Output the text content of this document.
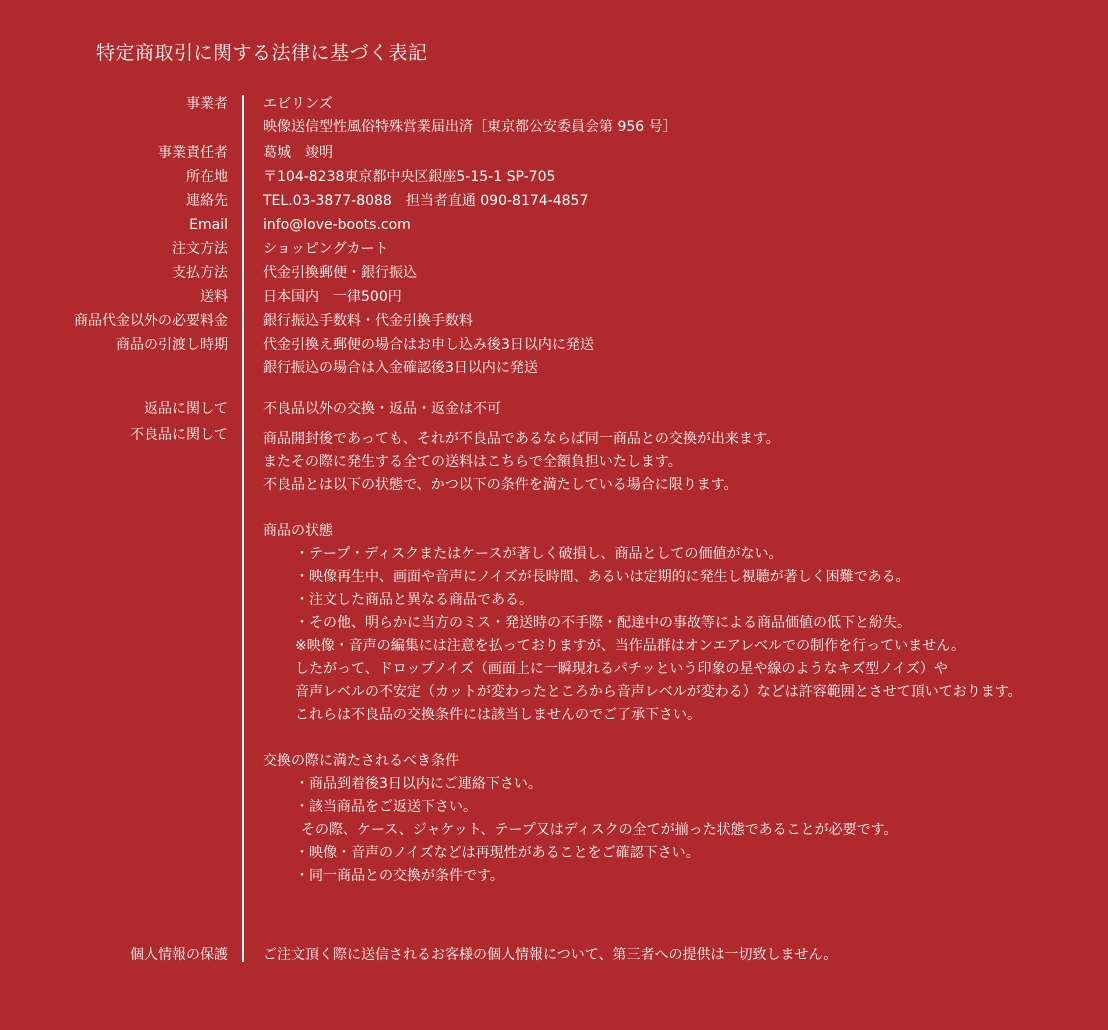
特定商取引に関する法律に基づく表記
事業者	エビリンズ
映像送信型性風俗特殊営業届出済［東京都公安委員会第 956 号］
事業責任者	葛城　竣明
所在地	〒104-8238東京都中央区銀座5-15-1 SP-705
連絡先	TEL.03-3877-8088　担当者直通 090-8174-4857
Email	info@love-boots.com
注文方法	ショッピングカート
支払方法	代金引換郵便・銀行振込
送料	日本国内　一律500円
商品代金以外の必要料金	銀行振込手数料・代金引換手数料
商品の引渡し時期	代金引換え郵便の場合はお申し込み後3日以内に発送
銀行振込の場合は入金確認後3日以内に発送
返品に関して	不良品以外の交換・返品・返金は不可
不良品に関して	商品開封後であっても、それが不良品であるならば同一商品との交換が出来ます。
またその際に発生する全ての送料はこちらで全額負担いたします。
不良品とは以下の状態で、かつ以下の条件を満たしている場合に限ります。
商品の状態
・テープ・ディスクまたはケースが著しく破損し、商品としての価値がない。
・映像再生中、画面や音声にノイズが長時間、あるいは定期的に発生し視聴が著しく困難である。
・注文した商品と異なる商品である。
・その他、明らかに当方のミス・発送時の不手際・配達中の事故等による商品価値の低下と紛失。
※映像・音声の編集には注意を払っておりますが、当作品群はオンエアレベルでの制作を行っていません。
したがって、ドロップノイズ（画面上に一瞬現れるパチッという印象の星や線のようなキズ型ノイズ）や
音声レベルの不安定（カットが変わったところから音声レベルが変わる）などは許容範囲とさせて頂いております。
これらは不良品の交換条件には該当しませんのでご了承下さい。
交換の際に満たされるべき条件
・商品到着後3日以内にご連絡下さい。
・該当商品をご返送下さい。
その際、ケース、ジャケット、テープ又はディスクの全てが揃った状態であることが必要です。
・映像・音声のノイズなどは再現性があることをご確認下さい。
・同一商品との交換が条件です。
個人情報の保護	ご注文頂く際に送信されるお客様の個人情報について、第三者への提供は一切致しません。
